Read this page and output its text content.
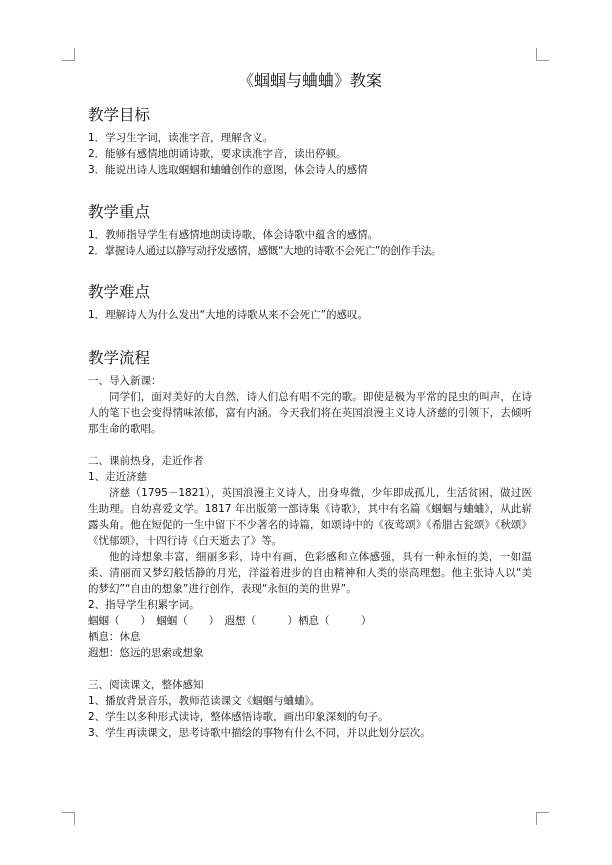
《蝈蝈与蛐蛐》教案
教学目标
1．学习生字词，读准字音，理解含义。
2．能够有感情地朗诵诗歌，要求读准字音，读出停顿。
3．能说出诗人选取蝈蝈和蛐蛐创作的意图，体会诗人的感情
教学重点
1．教师指导学生有感情地朗读诗歌，体会诗歌中蕴含的感情。
2．掌握诗人通过以静写动抒发感情，感慨“大地的诗歌不会死亡”的创作手法。
教学难点
1．理解诗人为什么发出“大地的诗歌从来不会死亡”的感叹。
教学流程
一、导入新课：
同学们，面对美好的大自然，诗人们总有唱不完的歌。即使是极为平常的昆虫的叫声，在诗人的笔下也会变得情味浓郁，富有内涵。今天我们将在英国浪漫主义诗人济慈的引领下，去倾听那生命的歌唱。
二、课前热身，走近作者
1、走近济慈
济慈（1795－1821），英国浪漫主义诗人，出身卑微，少年即成孤儿，生活贫困，做过医生助理。自幼喜爱文学。1817 年出版第一部诗集《诗歌》，其中有名篇《蝈蝈与蛐蛐》，从此崭露头角。他在短促的一生中留下不少著名的诗篇，如颂诗中的《夜莺颂》《希腊古瓮颂》《秋颂》《忧郁颂》，十四行诗《白天逝去了》等。
他的诗想象丰富，细丽多彩，诗中有画，色彩感和立体感强，具有一种永恒的美，一如温柔、清丽而又梦幻般恬静的月光，洋溢着进步的自由精神和人类的崇高理想。他主张诗人以“美的梦幻”“自由的想象”进行创作，表现“永恒的美的世界”。
2、指导学生积累字词。
蝈蝈（　　）　蝈蝈（　　）　遐想（　　　）栖息（　　　）
栖息：休息
遐想：悠远的思索或想象
三、阅读课文，整体感知
1、播放背景音乐，教师范读课文《蝈蝈与蛐蛐》。
2、学生以多种形式读诗，整体感悟诗歌，画出印象深刻的句子。
3、学生再读课文，思考诗歌中描绘的事物有什么不同，并以此划分层次。
